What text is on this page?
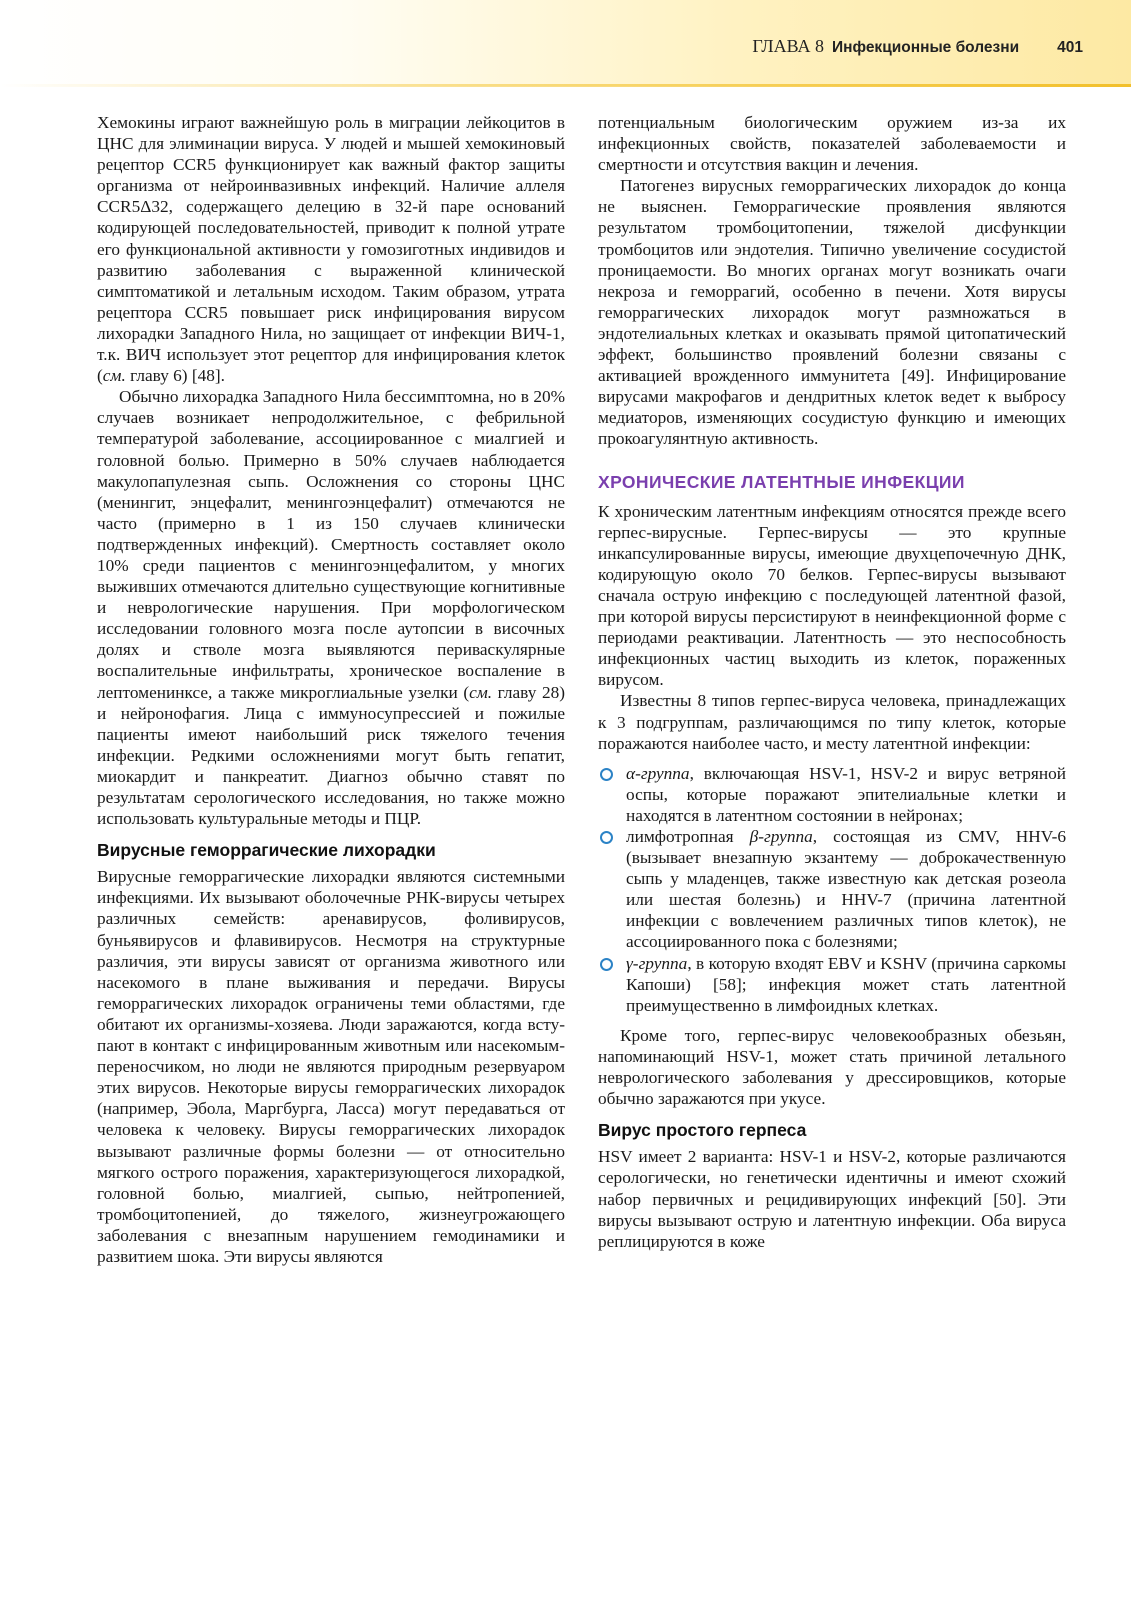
ГЛАВА 8 Инфекционные болезни 401

Хемокины играют важнейшую роль в миграции лейкоцитов в ЦНС для элиминации вируса. У людей и мышей хемокиновый рецептор CCR5 функционирует как важный фактор защиты организма от нейроинвазивных инфекций. Наличие аллеля CCR5Δ32, содержащего делецию в 32-й паре оснований кодирующей последовательностей, приводит к полной утрате его функциональной активности у гомозиготных индивидов и развитию заболевания с выраженной клинической симптоматикой и летальным исходом. Таким образом, утрата рецептора CCR5 повышает риск инфицирования вирусом лихорадки Западного Нила, но защищает от инфекции ВИЧ-1, т.к. ВИЧ использует этот рецептор для инфицирования клеток (см. главу 6) [48].

Обычно лихорадка Западного Нила бессимптомна, но в 20% случаев возникает непродолжительное, с фебрильной температурой заболевание, ассоциированное с миалгией и головной болью. Примерно в 50% случаев наблюдается макулопапулезная сыпь. Осложнения со стороны ЦНС (менингит, энцефалит, менингоэнцефалит) отмечаются не часто (примерно в 1 из 150 случаев клинически подтвержденных инфекций). Смертность составляет около 10% среди пациентов с менингоэнцефалитом, у многих выживших отмечаются длительно существующие когнитивные и неврологические нарушения. При морфологическом исследовании головного мозга после аутопсии в височных долях и стволе мозга выявляются периваскулярные воспалительные инфильтраты, хроническое воспаление в лептоменинксе, а также микроглиальные узелки (см. главу 28) и нейронофагия. Лица с иммуносупрессией и пожилые пациенты имеют наибольший риск тяжелого течения инфекции. Редкими осложнениями могут быть гепатит, миокардит и панкреатит. Диагноз обычно ставят по результатам серологического исследования, но также можно использовать культуральные методы и ПЦР.

Вирусные геморрагические лихорадки

Вирусные геморрагические лихорадки являются системными инфекциями. Их вызывают оболочечные РНК-вирусы четырех различных семейств: аренавирусов, фоливирусов, буньявирусов и флавивирусов. Несмотря на структурные различия, эти вирусы зависят от организма животного или насекомого в плане выживания и передачи. Вирусы геморрагических лихорадок ограничены теми областями, где обитают их организмы-хозяева. Люди заражаются, когда вступают в контакт с инфицированным животным или насекомым-переносчиком, но люди не являются природным резервуаром этих вирусов. Некоторые вирусы геморрагических лихорадок (например, Эбола, Маргбурга, Ласса) могут передаваться от человека к человеку. Вирусы геморрагических лихорадок вызывают различные формы болезни — от относительно мягкого острого поражения, характеризующегося лихорадкой, головной болью, миалгией, сыпью, нейтропенией, тромбоцитопенией, до тяжелого, жизнеугрожающего заболевания с внезапным нарушением гемодинамики и развитием шока. Эти вирусы являются

потенциальным биологическим оружием из-за их инфекционных свойств, показателей заболеваемости и смертности и отсутствия вакцин и лечения.

Патогенез вирусных геморрагических лихорадок до конца не выяснен. Геморрагические проявления являются результатом тромбоцитопении, тяжелой дисфункции тромбоцитов или эндотелия. Типично увеличение сосудистой проницаемости. Во многих органах могут возникать очаги некроза и геморрагий, особенно в печени. Хотя вирусы геморрагических лихорадок могут размножаться в эндотелиальных клетках и оказывать прямой цитопатический эффект, большинство проявлений болезни связаны с активацией врожденного иммунитета [49]. Инфицирование вирусами макрофагов и дендритных клеток ведет к выбросу медиаторов, изменяющих сосудистую функцию и имеющих прокоагулянтную активность.

ХРОНИЧЕСКИЕ ЛАТЕНТНЫЕ ИНФЕКЦИИ

К хроническим латентным инфекциям относятся прежде всего герпес-вирусные. Герпес-вирусы — это крупные инкапсулированные вирусы, имеющие двухцепочечную ДНК, кодирующую около 70 белков. Герпес-вирусы вызывают сначала острую инфекцию с последующей латентной фазой, при которой вирусы персистируют в неинфекционной форме с периодами реактивации. Латентность — это неспособность инфекционных частиц выходить из клеток, пораженных вирусом.

Известны 8 типов герпес-вируса человека, принадлежащих к 3 подгруппам, различающимся по типу клеток, которые поражаются наиболее часто, и месту латентной инфекции:

α-группа, включающая HSV-1, HSV-2 и вирус ветряной оспы, которые поражают эпителиальные клетки и находятся в латентном состоянии в нейронах;
лимфотропная β-группа, состоящая из CMV, HHV-6 (вызывает внезапную экзантему — доброкачественную сыпь у младенцев, также известную как детская розеола или шестая болезнь) и HHV-7 (причина латентной инфекции с вовлечением различных типов клеток), не ассоциированного пока с болезнями;
γ-группа, в которую входят EBV и KSHV (причина саркомы Капоши) [58]; инфекция может стать латентной преимущественно в лимфоидных клетках.

Кроме того, герпес-вирус человекообразных обезьян, напоминающий HSV-1, может стать причиной летального неврологического заболевания у дрессировщиков, которые обычно заражаются при укусе.

Вирус простого герпеса

HSV имеет 2 варианта: HSV-1 и HSV-2, которые различаются серологически, но генетически идентичны и имеют схожий набор первичных и рецидивирующих инфекций [50]. Эти вирусы вызывают острую и латентную инфекции. Оба вируса реплицируются в коже
